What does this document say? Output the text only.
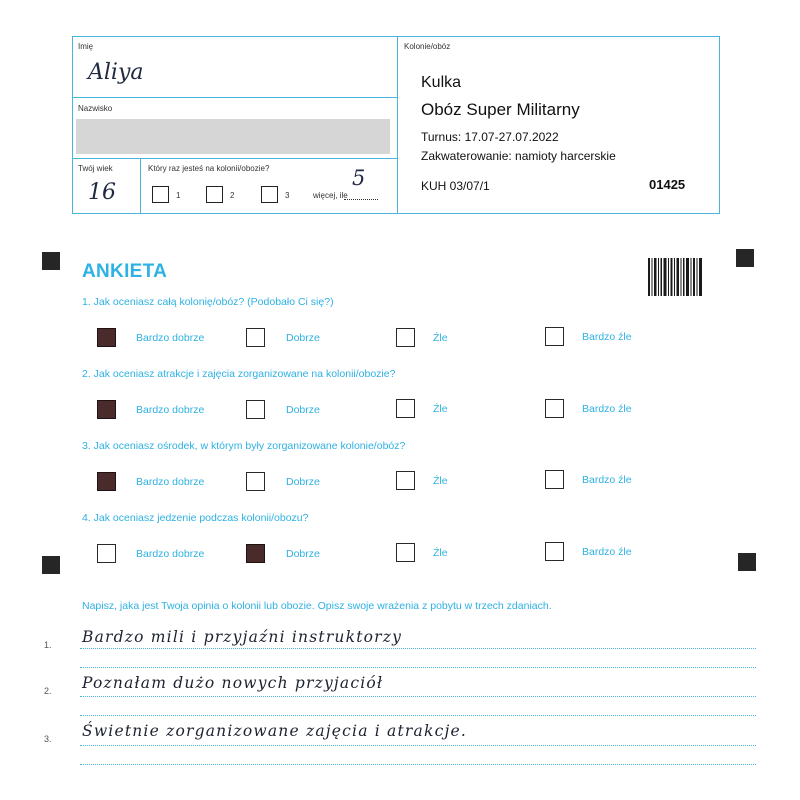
Imię
Aliya
Nazwisko
Twój wiek
16
Który raz jesteś na kolonii/obozie?
1	2	3	więcej, ile
5
Kolonie/obóz
Kulka
Obóz Super Militarny
Turnus: 17.07-27.07.2022
Zakwaterowanie: namioty harcerskie
KUH 03/07/1	01425
ANKIETA
1. Jak oceniasz całą kolonię/obóz? (Podobało Ci się?)
Bardzo dobrze	Dobrze	Źle	Bardzo źle
2. Jak oceniasz atrakcje i zajęcia zorganizowane na kolonii/obozie?
Bardzo dobrze	Dobrze	Źle	Bardzo źle
3. Jak oceniasz ośrodek, w którym były zorganizowane kolonie/obóz?
Bardzo dobrze	Dobrze	Źle	Bardzo źle
4. Jak oceniasz jedzenie podczas kolonii/obozu?
Bardzo dobrze	Dobrze	Źle	Bardzo źle
Napisz, jaka jest Twoja opinia o kolonii lub obozie. Opisz swoje wrażenia z pobytu w trzech zdaniach.
1. Bardzo mili i przyjaźni instruktorzy
2. Poznałam dużo nowych przyjaciół
3. Świetnie zorganizowane zajęcia i atrakcje.
